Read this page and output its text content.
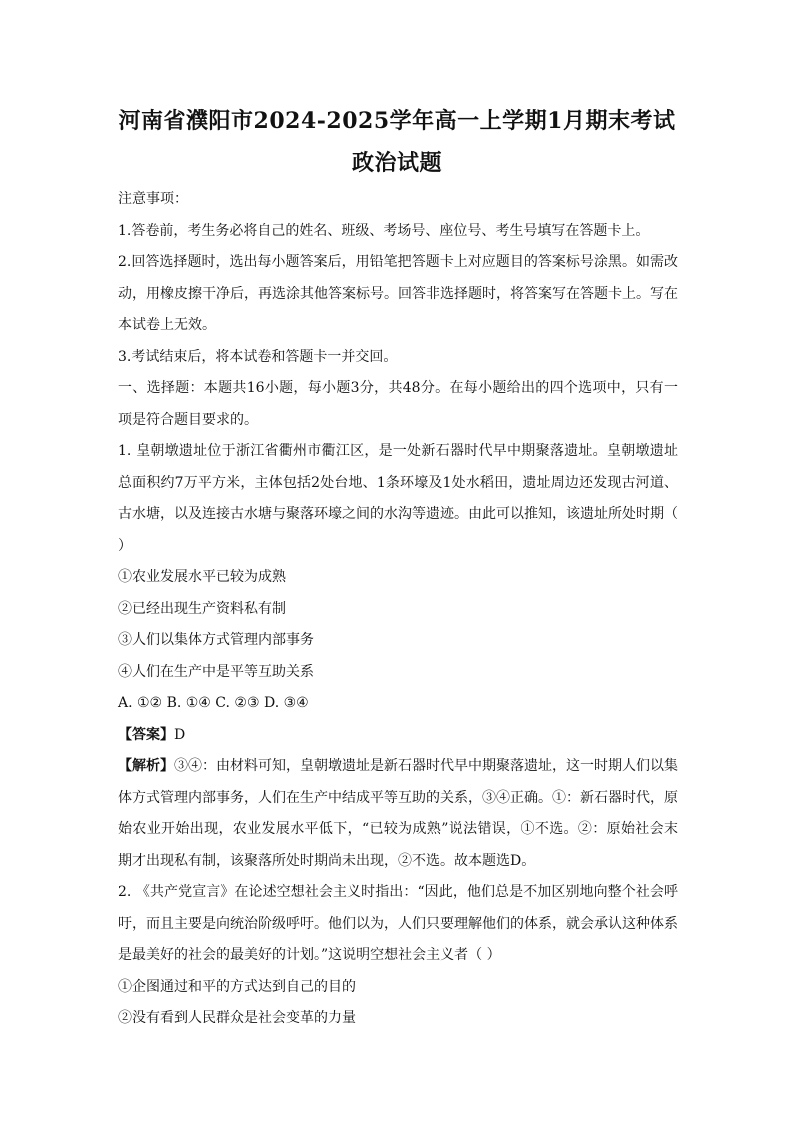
河南省濮阳市2024-2025学年高一上学期1月期末考试
政治试题

注意事项：

1.答卷前，考生务必将自己的姓名、班级、考场号、座位号、考生号填写在答题卡上。

2.回答选择题时，选出每小题答案后，用铅笔把答题卡上对应题目的答案标号涂黑。如需改动，用橡皮擦干净后，再选涂其他答案标号。回答非选择题时，将答案写在答题卡上。写在本试卷上无效。

3.考试结束后，将本试卷和答题卡一并交回。

一、选择题：本题共16小题，每小题3分，共48分。在每小题给出的四个选项中，只有一项是符合题目要求的。

1. 皇朝墩遗址位于浙江省衢州市衢江区，是一处新石器时代早中期聚落遗址。皇朝墩遗址总面积约7万平方米，主体包括2处台地、1条环壕及1处水稻田，遗址周边还发现古河道、古水塘，以及连接古水塘与聚落环壕之间的水沟等遗迹。由此可以推知，该遗址所处时期（ ）

①农业发展水平已较为成熟

②已经出现生产资料私有制

③人们以集体方式管理内部事务

④人们在生产中是平等互助关系

A. ①② B. ①④ C. ②③ D. ③④

【答案】D

【解析】③④：由材料可知，皇朝墩遗址是新石器时代早中期聚落遗址，这一时期人们以集体方式管理内部事务，人们在生产中结成平等互助的关系，③④正确。①：新石器时代，原始农业开始出现，农业发展水平低下，“已较为成熟”说法错误，①不选。②：原始社会末期才出现私有制，该聚落所处时期尚未出现，②不选。故本题选D。

2. 《共产党宣言》在论述空想社会主义时指出：“因此，他们总是不加区别地向整个社会呼吁，而且主要是向统治阶级呼吁。他们以为，人们只要理解他们的体系，就会承认这种体系是最美好的社会的最美好的计划。”这说明空想社会主义者（ ）

①企图通过和平的方式达到自己的目的

②没有看到人民群众是社会变革的力量
